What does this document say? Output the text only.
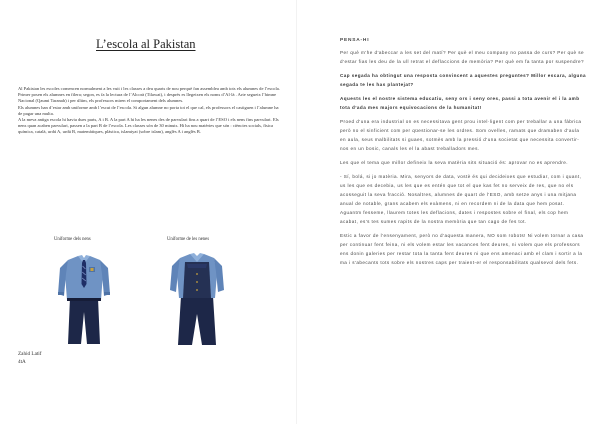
L’escola al Pakistan

Al Pakistan les escoles comencen normalment a les vuit i les classes a deu quarts de nou perquè fan assemblea amb tots els alumnes de l’escola. Primer posen els alumnes en filera; segon, es fa la lectura de l’Alcorà (Tilawat), i després es llegeixen els noms d’Al·là . Arte segueix l’himne Nacional (Qaumi Taranah) i per últim, els professors miren el comportament dels alumnes.

Els alumnes han d’estar amb uniforme amb l’escut de l’escola. Si algun alumne no porta tot el que cal, els professors el castiguen i l’alumne ha de pagar una multa.

A la meva antiga escola hi havia dues parts, A i B. A la part A hi ha les nenes des de parvulari fins a quart de l’ESO i els nens fins parvulari. Els nens quan acaben parvulari, passen a la part B de l’escola. Les classes són de 30 minuts. Hi ha nou matèries que són : ciències socials, física química, català, urdú A, urdú B, matemàtiques, plàstica, islamiyat (sobre islam), anglès A i anglès B.

Uniforme dels nens	Uniforme de les nenes
Zahid Latif
4tA
PENSA-HI

Per què m’he d’abeccar a les set del matí? Per què el meu company no passa de curs? Per què se d’estar fias les deu de la ull retrat el deflaccions de memòria? Per què em fa tanta por suspendre?

Cap segada ha obtingut una resposta convincent a aquestes preguntes? Millor escara, alguna segada te les has plantejat?

Aquests les el nostre sistema educatiu, seny ors i seny ores, passi a tota avenir el i la amb tota d’ada mes majors equivocacions de la humanitat!

Proed d’una era industrial on es necessitava gent prou intel·ligent com per treballar a una fàbrica però no el sinficient com per qüestionar-se les ordres. Som ovelles, ramats que dramaben d’aula en aula, seus malbilitats si guaes, sotmès amb la pressió d’una societat que necessita convertir-nos en un bosic, canals les el la abast treballadors mes.

Les que el tema que millor defineix la seva matèria sits situació és: aprovar no es aprendre.

- Sí, bolá, si jo matèria. Mira, senyors de data, vostè és qui decideixes que estudiar, com i quant, us les que es decebia, us les que es entén que tot el que kas fet no serveix de res, que no els acosseguit la seva fracció. Nosaltres, alumnes de quart de l’ESO, amb setze anys i una mitjana anual de notable, grans acabem els exàmens, ni en recordem ni de la data que hem posat. Aguantm fesseme, llaurem totes les deflacions, dates i respostes sobre el final, els cop hem acabat, es’s tes sumes rapits de la nostra memòria que tan cago de fes tot.

Estic a favor de l’ensenyament, però no d’aquesta manera, NO som robots! Ni volem tornar a casa per continuar fent feina, ni els volem estar les vacances fent deures, ni volem que els professors ens donin galeries per restar tota la tanta fent deures ni que ens amenaci amb el clam i sortir a la ma i s’abecants tots sobre els nostres caps per traient-er el responsabilitats qualsevol dels fets.
